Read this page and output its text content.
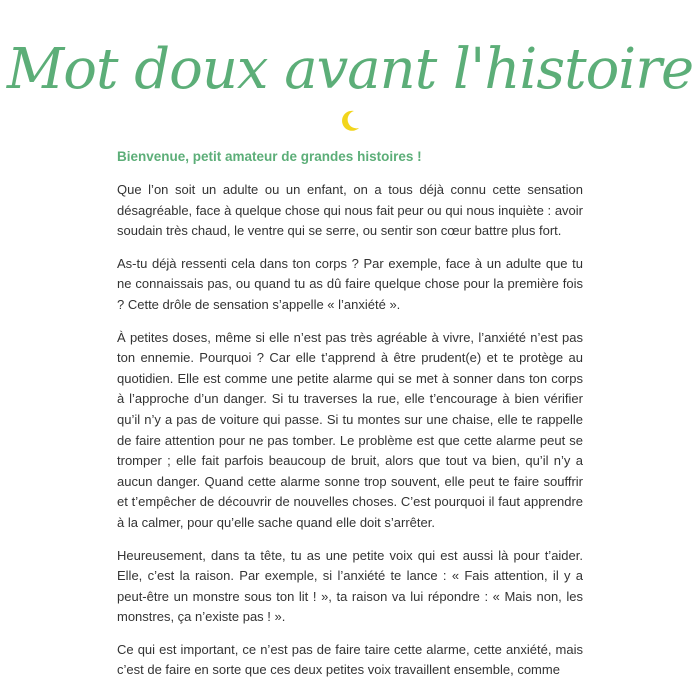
Mot doux avant l'histoire

Bienvenue, petit amateur de grandes histoires !

Que l’on soit un adulte ou un enfant, on a tous déjà connu cette sensation désagréable, face à quelque chose qui nous fait peur ou qui nous inquiète : avoir soudain très chaud, le ventre qui se serre, ou sentir son cœur battre plus fort.

As-tu déjà ressenti cela dans ton corps ? Par exemple, face à un adulte que tu ne connaissais pas, ou quand tu as dû faire quelque chose pour la première fois ? Cette drôle de sensation s’appelle « l’anxiété ».

À petites doses, même si elle n’est pas très agréable à vivre, l’anxiété n’est pas ton ennemie. Pourquoi ? Car elle t’apprend à être prudent(e) et te protège au quotidien. Elle est comme une petite alarme qui se met à sonner dans ton corps à l’approche d’un danger. Si tu traverses la rue, elle t’encourage à bien vérifier qu’il n’y a pas de voiture qui passe. Si tu montes sur une chaise, elle te rappelle de faire attention pour ne pas tomber. Le problème est que cette alarme peut se tromper ; elle fait parfois beaucoup de bruit, alors que tout va bien, qu’il n’y a aucun danger. Quand cette alarme sonne trop souvent, elle peut te faire souffrir et t’empêcher de découvrir de nouvelles choses. C’est pourquoi il faut apprendre à la calmer, pour qu’elle sache quand elle doit s’arrêter.

Heureusement, dans ta tête, tu as une petite voix qui est aussi là pour t’aider. Elle, c’est la raison. Par exemple, si l’anxiété te lance : « Fais attention, il y a peut-être un monstre sous ton lit ! », ta raison va lui répondre : « Mais non, les monstres, ça n’existe pas ! ».

Ce qui est important, ce n’est pas de faire taire cette alarme, cette anxiété, mais c’est de faire en sorte que ces deux petites voix travaillent ensemble, comme
